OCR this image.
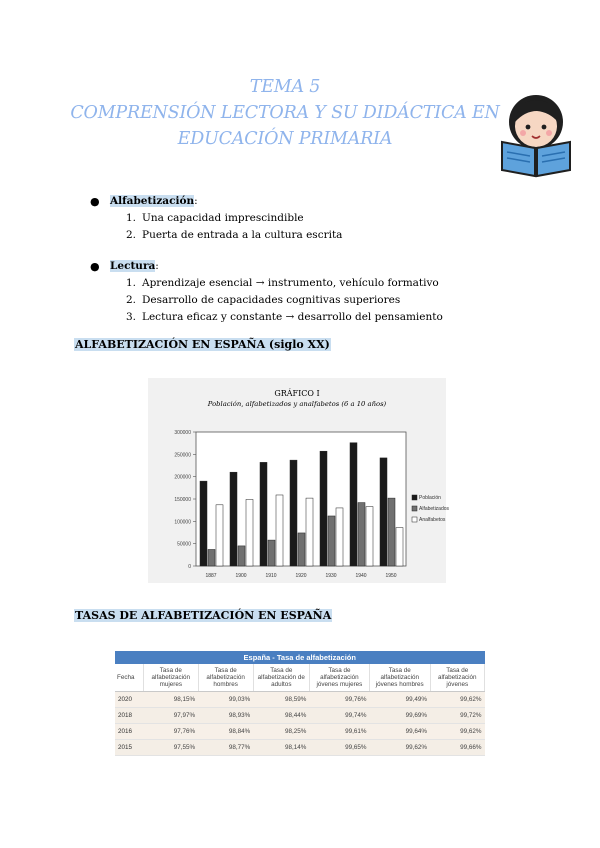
TEMA 5
COMPRENSIÓN LECTORA Y SU DIDÁCTICA EN
EDUCACIÓN PRIMARIA
● Alfabetización:
1. Una capacidad imprescindible
2. Puerta de entrada a la cultura escrita
● Lectura:
1. Aprendizaje esencial → instrumento, vehículo formativo
2. Desarrollo de capacidades cognitivas superiores
3. Lectura eficaz y constante → desarrollo del pensamiento
ALFABETIZACIÓN EN ESPAÑA (siglo XX)
GRÁFICO I
Población, alfabetizados y analfabetos (6 a 10 años)
0
50000
100000
150000
200000
250000
300000
1887	1900	1910	1920	1930	1940	1950
Población
Alfabetizados
Analfabetos
TASAS DE ALFABETIZACIÓN EN ESPAÑA
España - Tasa de alfabetización						
Fecha	Tasa de alfabetización mujeres	Tasa de alfabetización hombres	Tasa de alfabetización de adultos	Tasa de alfabetización jóvenes mujeres	Tasa de alfabetización jóvenes hombres	Tasa de alfabetización jóvenes
2020	98,15%	99,03%	98,59%	99,76%	99,49%	99,62%
2018	97,97%	98,93%	98,44%	99,74%	99,69%	99,72%
2016	97,76%	98,84%	98,25%	99,61%	99,64%	99,62%
2015	97,55%	98,77%	98,14%	99,65%	99,62%	99,66%
